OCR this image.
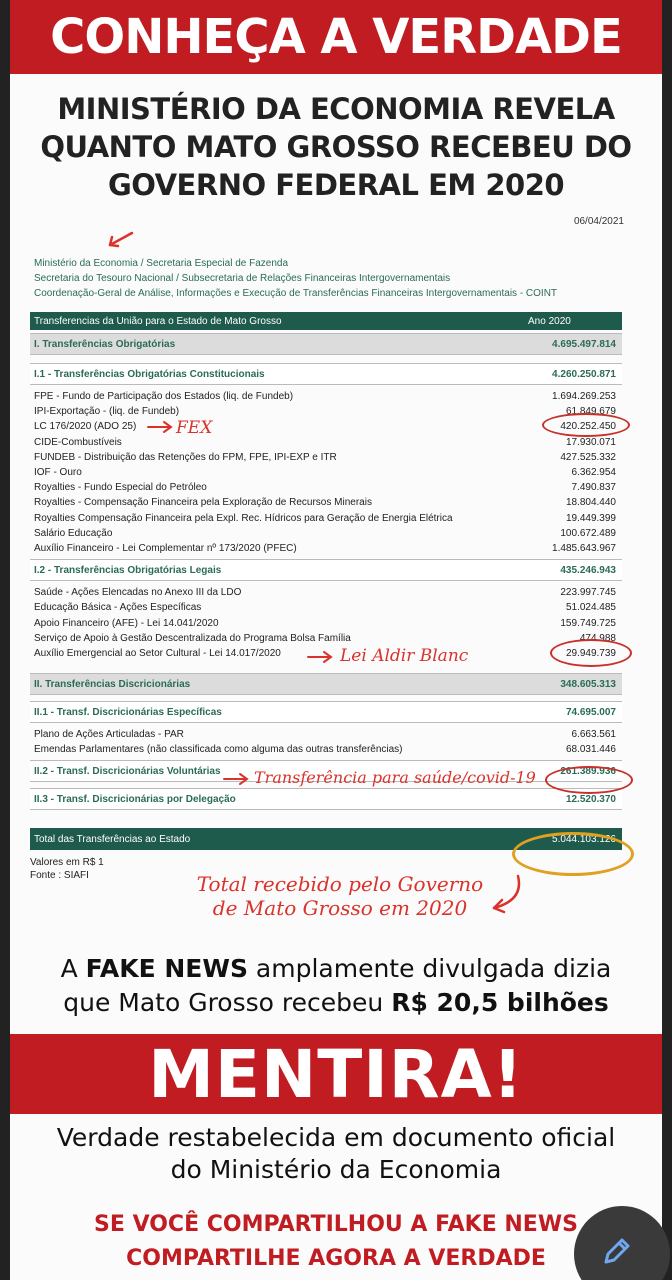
CONHEÇA A VERDADE
MINISTÉRIO DA ECONOMIA REVELA
QUANTO MATO GROSSO RECEBEU DO
GOVERNO FEDERAL EM 2020
06/04/2021
Ministério da Economia / Secretaria Especial de Fazenda
Secretaria do Tesouro Nacional / Subsecretaria de Relações Financeiras Intergovernamentais
Coordenação-Geral de Análise, Informações e Execução de Transferências Financeiras Intergovernamentais - COINT
Transferencias da União para o Estado de Mato Grosso	Ano 2020
I. Transferências Obrigatórias	4.695.497.814
I.1 - Transferências Obrigatórias Constitucionais	4.260.250.871
FPE - Fundo de Participação dos Estados (liq. de Fundeb)	1.694.269.253
IPI-Exportação - (liq. de Fundeb)	61.849.679
LC 176/2020 (ADO 25)	420.252.450
CIDE-Combustíveis	17.930.071
FUNDEB - Distribuição das Retenções do FPM, FPE, IPI-EXP e ITR	427.525.332
IOF - Ouro	6.362.954
Royalties - Fundo Especial do Petróleo	7.490.837
Royalties - Compensação Financeira pela Exploração de Recursos Minerais	18.804.440
Royalties Compensação Financeira pela Expl. Rec. Hídricos para Geração de Energia Elétrica	19.449.399
Salário Educação	100.672.489
Auxílio Financeiro - Lei Complementar nº 173/2020 (PFEC)	1.485.643.967
I.2 - Transferências Obrigatórias Legais	435.246.943
Saúde - Ações Elencadas no Anexo III da LDO	223.997.745
Educação Básica - Ações Específicas	51.024.485
Apoio Financeiro (AFE) - Lei 14.041/2020	159.749.725
Serviço de Apoio à Gestão Descentralizada do Programa Bolsa Família	474.988
Auxílio Emergencial ao Setor Cultural - Lei 14.017/2020	29.949.739
II. Transferências Discricionárias	348.605.313
II.1 - Transf. Discricionárias Específicas	74.695.007
Plano de Ações Articuladas - PAR	6.663.561
Emendas Parlamentares (não classificada como alguma das outras transferências)	68.031.446
II.2 - Transf. Discricionárias Voluntárias	261.389.936
II.3 - Transf. Discricionárias por Delegação	12.520.370
Total das Transferências ao Estado	5.044.103.126
Valores em R$ 1
Fonte : SIAFI
FEX
Lei Aldir Blanc
Transferência para saúde/covid-19
Total recebido pelo Governo
de Mato Grosso em 2020
A FAKE NEWS amplamente divulgada dizia
que Mato Grosso recebeu R$ 20,5 bilhões
MENTIRA!
Verdade restabelecida em documento oficial
do Ministério da Economia
SE VOCÊ COMPARTILHOU A FAKE NEWS
COMPARTILHE AGORA A VERDADE
